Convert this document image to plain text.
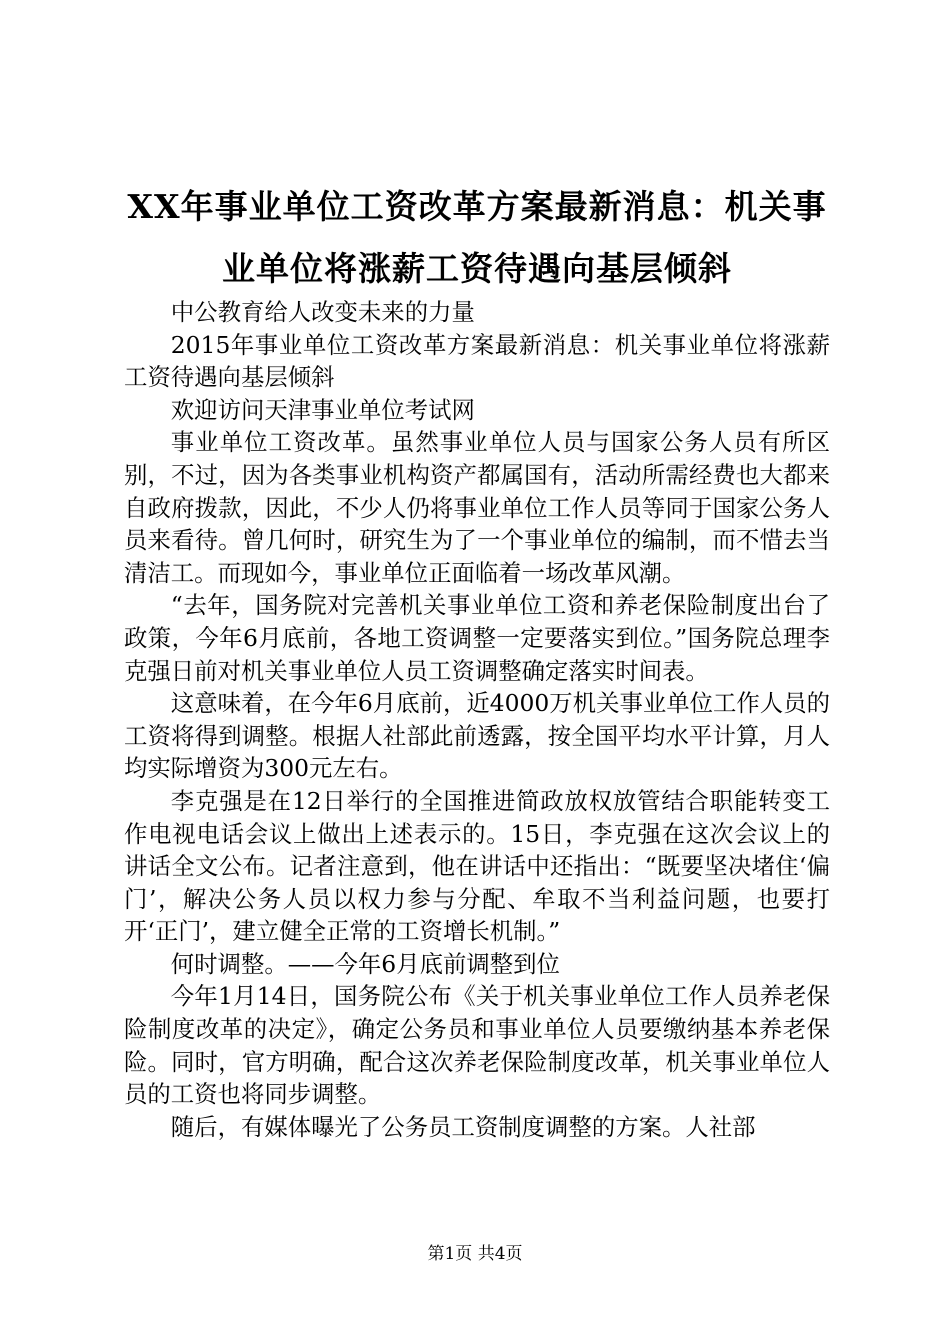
XX年事业单位工资改革方案最新消息：机关事业单位将涨薪工资待遇向基层倾斜

中公教育给人改变未来的力量

2015年事业单位工资改革方案最新消息：机关事业单位将涨薪工资待遇向基层倾斜

欢迎访问天津事业单位考试网

事业单位工资改革。虽然事业单位人员与国家公务人员有所区别，不过，因为各类事业机构资产都属国有，活动所需经费也大都来自政府拨款，因此，不少人仍将事业单位工作人员等同于国家公务人员来看待。曾几何时，研究生为了一个事业单位的编制，而不惜去当清洁工。而现如今，事业单位正面临着一场改革风潮。

“去年，国务院对完善机关事业单位工资和养老保险制度出台了政策，今年6月底前，各地工资调整一定要落实到位。”国务院总理李克强日前对机关事业单位人员工资调整确定落实时间表。

这意味着，在今年6月底前，近4000万机关事业单位工作人员的工资将得到调整。根据人社部此前透露，按全国平均水平计算，月人均实际增资为300元左右。

李克强是在12日举行的全国推进简政放权放管结合职能转变工作电视电话会议上做出上述表示的。15日，李克强在这次会议上的讲话全文公布。记者注意到，他在讲话中还指出：“既要坚决堵住‘偏门’，解决公务人员以权力参与分配、牟取不当利益问题，也要打开‘正门’，建立健全正常的工资增长机制。”

何时调整。——今年6月底前调整到位

今年1月14日，国务院公布《关于机关事业单位工作人员养老保险制度改革的决定》，确定公务员和事业单位人员要缴纳基本养老保险。同时，官方明确，配合这次养老保险制度改革，机关事业单位人员的工资也将同步调整。

随后，有媒体曝光了公务员工资制度调整的方案。人社部

第1页 共4页
